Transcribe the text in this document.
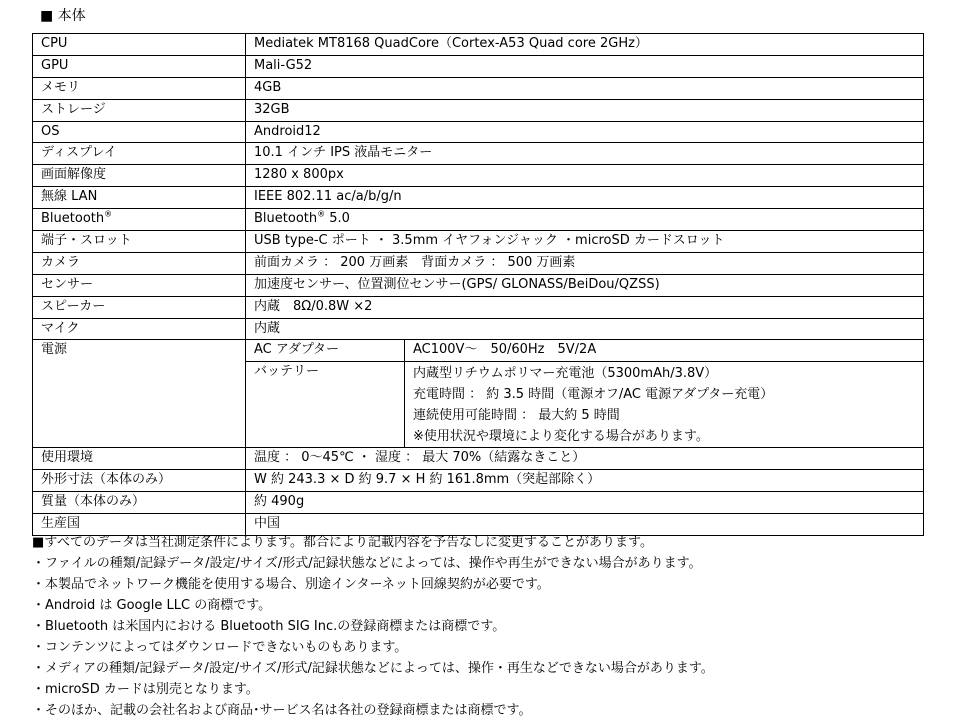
■ 本体
CPU	Mediatek MT8168 QuadCore（Cortex-A53 Quad core 2GHz）	
GPU	Mali-G52	
メモリ	4GB	
ストレージ	32GB	
OS	Android12	
ディスプレイ	10.1 インチ IPS 液晶モニター	
画面解像度	1280 x 800px	
無線 LAN	IEEE 802.11 ac/a/b/g/n	
Bluetooth®	Bluetooth® 5.0	
端子・スロット	USB type-C ポート ・ 3.5mm イヤフォンジャック ・microSD カードスロット	
カメラ	前面カメラ ： 200 万画素　背面カメラ ： 500 万画素	
センサー	加速度センサー、位置測位センサー(GPS/ GLONASS/BeiDou/QZSS)	
スピーカー	内蔵　8Ω/0.8W ×2	
マイク	内蔵	
電源	AC アダプター	AC100V～　50/60Hz　5V/2A
	バッテリー	内蔵型リチウムポリマー充電池（5300mAh/3.8V）
充電時間 ： 約 3.5 時間（電源オフ/AC 電源アダプター充電）
連続使用可能時間 ： 最大約 5 時間
※使用状況や環境により変化する場合があります。

使用環境	温度 ： 0～45℃ ・ 湿度 ： 最大 70%（結露なきこと）	
外形寸法（本体のみ）	W 約 243.3 × D 約 9.7 × H 約 161.8mm（突起部除く）	
質量（本体のみ）	約 490g	
生産国	中国	
■すべてのデータは当社測定条件によります。都合により記載内容を予告なしに変更することがあります。
・ファイルの種類/記録データ/設定/サイズ/形式/記録状態などによっては、操作や再生ができない場合があります。
・本製品でネットワーク機能を使用する場合、別途インターネット回線契約が必要です。
・Android は Google LLC の商標です。
・Bluetooth は米国内における Bluetooth SIG Inc.の登録商標または商標です。
・コンテンツによってはダウンロードできないものもあります。
・メディアの種類/記録データ/設定/サイズ/形式/記録状態などによっては、操作・再生などできない場合があります。
・microSD カードは別売となります。
・そのほか、記載の会社名および商品･サービス名は各社の登録商標または商標です。
